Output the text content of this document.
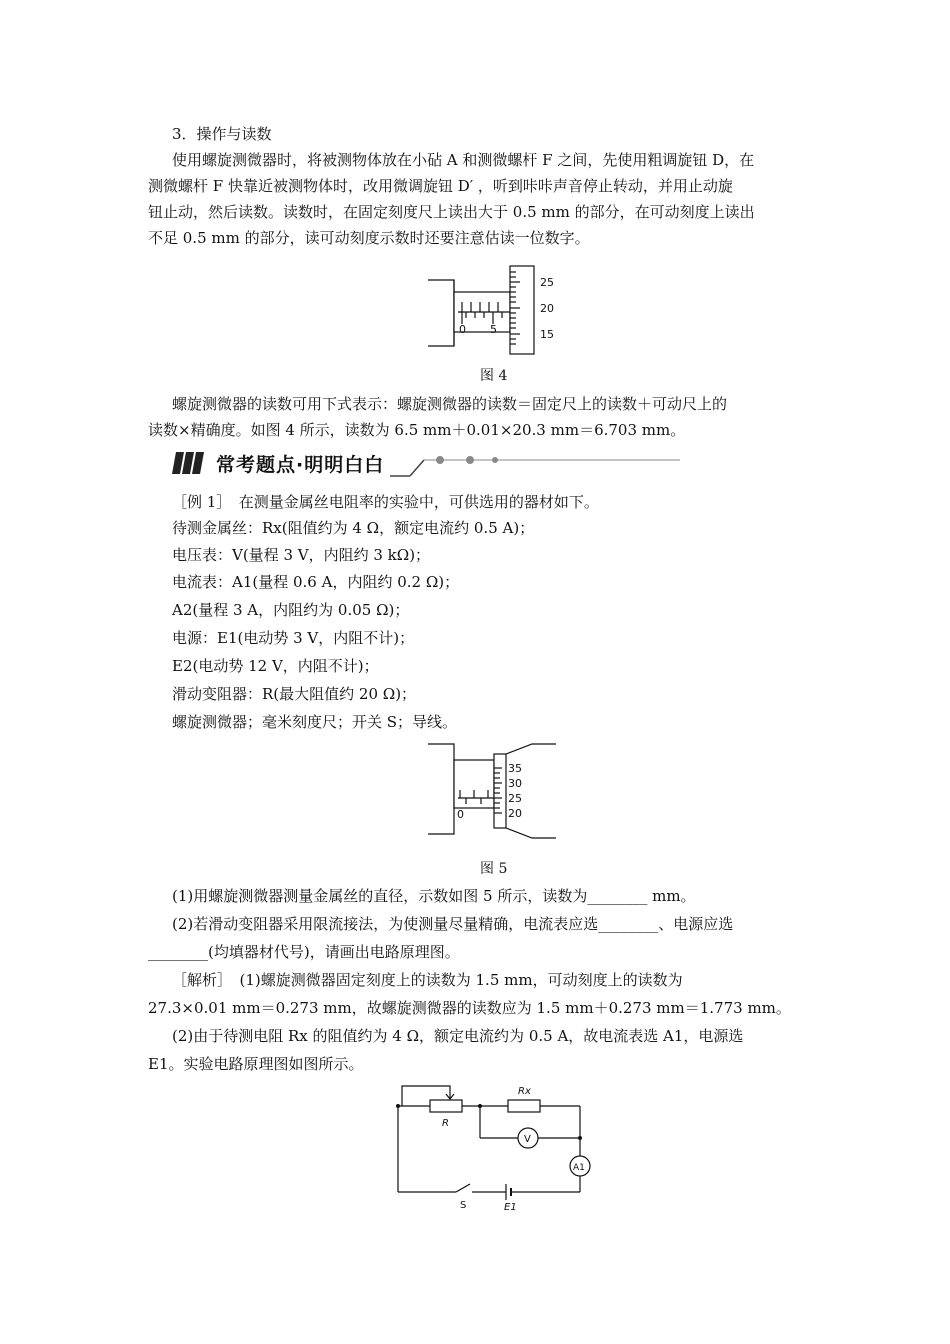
3．操作与读数
使用螺旋测微器时，将被测物体放在小砧 A 和测微螺杆 F 之间，先使用粗调旋钮 D，在
测微螺杆 F 快靠近被测物体时，改用微调旋钮 D′ ，听到咔咔声音停止转动，并用止动旋
钮止动，然后读数。读数时，在固定刻度尺上读出大于 0.5 mm 的部分，在可动刻度上读出
不足 0.5 mm 的部分，读可动刻度示数时还要注意估读一位数字。
0 5
25
20
15
图 4
螺旋测微器的读数可用下式表示：螺旋测微器的读数＝固定尺上的读数＋可动尺上的
读数×精确度。如图 4 所示，读数为 6.5 mm＋0.01×20.3 mm＝6.703 mm。
常考题点·明明白白
［例 1］　在测量金属丝电阻率的实验中，可供选用的器材如下。
待测金属丝：Rx(阻值约为 4 Ω，额定电流约 0.5 A)；
电压表：V(量程 3 V，内阻约 3 kΩ)；
电流表：A1(量程 0.6 A，内阻约 0.2 Ω)；
A2(量程 3 A，内阻约为 0.05 Ω)；
电源：E1(电动势 3 V，内阻不计)；
E2(电动势 12 V，内阻不计)；
滑动变阻器：R(最大阻值约 20 Ω)；
螺旋测微器；毫米刻度尺；开关 S；导线。
0
35
30
25
20
图 5
(1)用螺旋测微器测量金属丝的直径，示数如图 5 所示，读数为________ mm。
(2)若滑动变阻器采用限流接法，为使测量尽量精确，电流表应选________、电源应选
________(均填器材代号)，请画出电路原理图。
［解析］　(1)螺旋测微器固定刻度上的读数为 1.5 mm，可动刻度上的读数为
27.3×0.01 mm＝0.273 mm，故螺旋测微器的读数应为 1.5 mm＋0.273 mm＝1.773 mm。
(2)由于待测电阻 Rx 的阻值约为 4 Ω，额定电流约为 0.5 A，故电流表选 A1，电源选
E1。实验电路原理图如图所示。
Rx
R
V
A1
S	E1
